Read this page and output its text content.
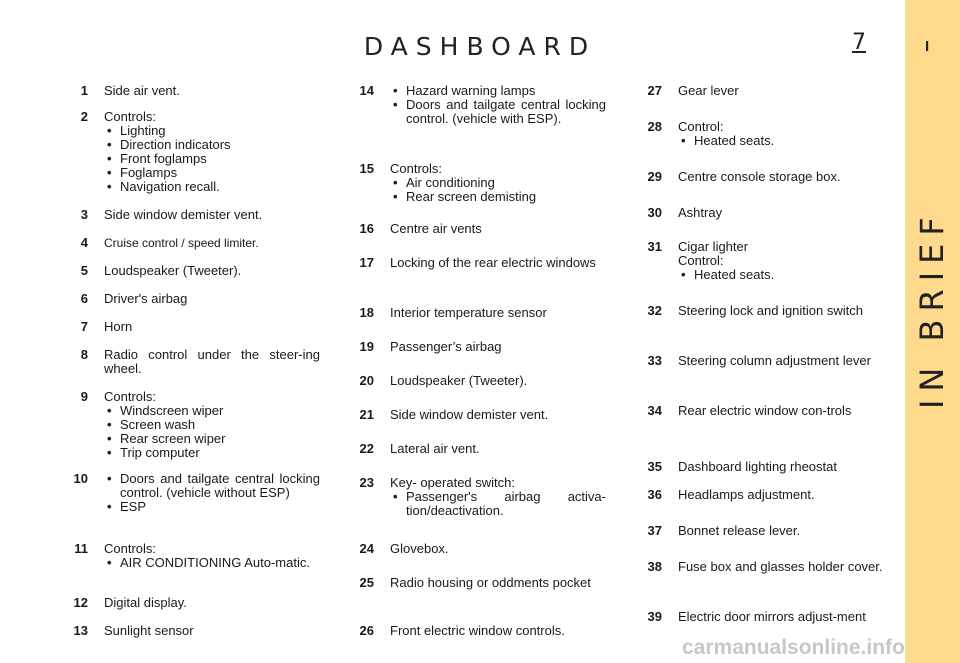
DASHBOARD	7	I
IN BRIEF
1 Side air vent.
2 Controls:
• Lighting
• Direction indicators
• Front foglamps
• Foglamps
• Navigation recall.
3 Side window demister vent.
4 Cruise control / speed limiter.
5 Loudspeaker (Tweeter).
6 Driver's airbag
7 Horn
8 Radio control under the steer-ing wheel.
9 Controls:
• Windscreen wiper
• Screen wash
• Rear screen wiper
• Trip computer
10	• Doors and tailgate central locking control. (vehicle without ESP)
• ESP
11 Controls:
• AIR CONDITIONING Auto-matic.
12 Digital display.
13 Sunlight sensor
14	• Hazard warning lamps
• Doors and tailgate central locking control. (vehicle with ESP).
15 Controls:
• Air conditioning
• Rear screen demisting
16 Centre air vents
17 Locking of the rear electric windows
18 Interior temperature sensor
19 Passenger’s airbag
20 Loudspeaker (Tweeter).
21 Side window demister vent.
22 Lateral air vent.
23 Key- operated switch:
• Passenger's airbag activa-tion/deactivation.
24 Glovebox.
25 Radio housing or oddments pocket
26 Front electric window controls.
27 Gear lever
28 Control:
• Heated seats.
29 Centre console storage box.
30 Ashtray
31 Cigar lighter
Control:
• Heated seats.
32 Steering lock and ignition switch
33 Steering column adjustment lever
34 Rear electric window con-trols
35 Dashboard lighting rheostat
36 Headlamps adjustment.
37 Bonnet release lever.
38 Fuse box and glasses holder cover.
39 Electric door mirrors adjust-ment
carmanualsonline.info
